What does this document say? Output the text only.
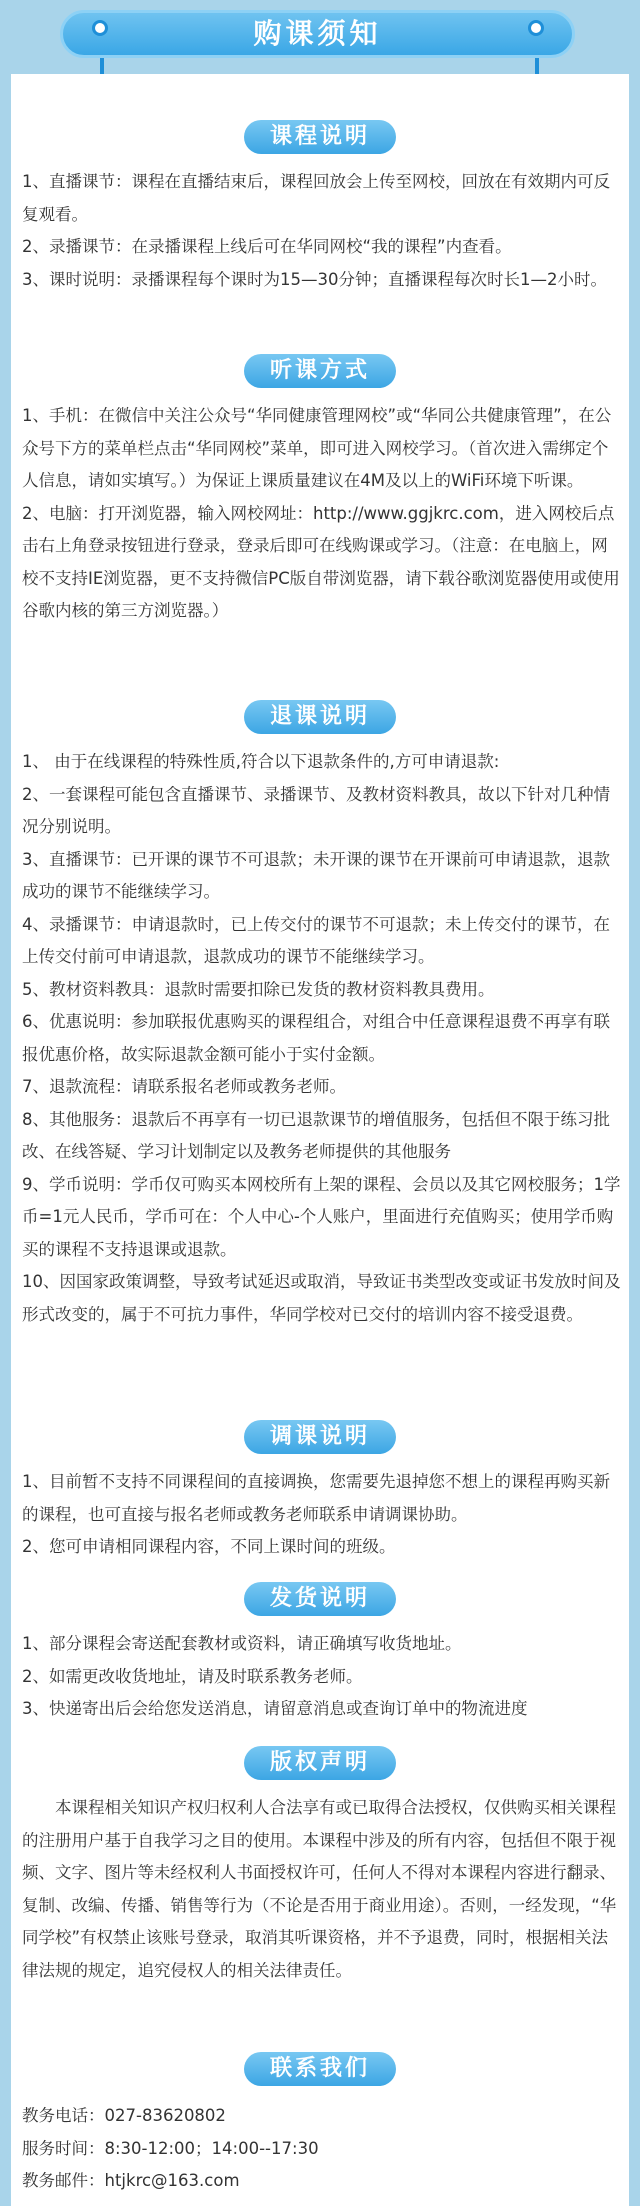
购课须知
课程说明

1、直播课节：课程在直播结束后，课程回放会上传至网校，回放在有效期内可反复观看。

2、录播课节：在录播课程上线后可在华同网校“我的课程”内查看。

3、课时说明：录播课程每个课时为15—30分钟；直播课程每次时长1—2小时。

听课方式

1、手机：在微信中关注公众号“华同健康管理网校”或“华同公共健康管理”，在公众号下方的菜单栏点击“华同网校”菜单，即可进入网校学习。（首次进入需绑定个人信息，请如实填写。）为保证上课质量建议在4M及以上的WiFi环境下听课。

2、电脑：打开浏览器，输入网校网址：http://www.ggjkrc.com，进入网校后点击右上角登录按钮进行登录，登录后即可在线购课或学习。（注意：在电脑上，网校不支持IE浏览器，更不支持微信PC版自带浏览器，请下载谷歌浏览器使用或使用谷歌内核的第三方浏览器。）

退课说明

1、 由于在线课程的特殊性质,符合以下退款条件的,方可申请退款:

2、一套课程可能包含直播课节、录播课节、及教材资料教具，故以下针对几种情况分别说明。

3、直播课节：已开课的课节不可退款；未开课的课节在开课前可申请退款，退款成功的课节不能继续学习。

4、录播课节：申请退款时，已上传交付的课节不可退款；未上传交付的课节，在上传交付前可申请退款，退款成功的课节不能继续学习。

5、教材资料教具：退款时需要扣除已发货的教材资料教具费用。

6、优惠说明：参加联报优惠购买的课程组合，对组合中任意课程退费不再享有联报优惠价格，故实际退款金额可能小于实付金额。

7、退款流程：请联系报名老师或教务老师。

8、其他服务：退款后不再享有一切已退款课节的增值服务，包括但不限于练习批改、在线答疑、学习计划制定以及教务老师提供的其他服务

9、学币说明：学币仅可购买本网校所有上架的课程、会员以及其它网校服务；1学币=1元人民币，学币可在：个人中心-个人账户，里面进行充值购买；使用学币购买的课程不支持退课或退款。

10、因国家政策调整，导致考试延迟或取消，导致证书类型改变或证书发放时间及形式改变的，属于不可抗力事件，华同学校对已交付的培训内容不接受退费。

调课说明

1、目前暂不支持不同课程间的直接调换，您需要先退掉您不想上的课程再购买新的课程，也可直接与报名老师或教务老师联系申请调课协助。

2、您可申请相同课程内容，不同上课时间的班级。

发货说明

1、部分课程会寄送配套教材或资料，请正确填写收货地址。

2、如需更改收货地址，请及时联系教务老师。

3、快递寄出后会给您发送消息，请留意消息或查询订单中的物流进度

版权声明

本课程相关知识产权归权利人合法享有或已取得合法授权，仅供购买相关课程的注册用户基于自我学习之目的使用。本课程中涉及的所有内容，包括但不限于视频、文字、图片等未经权利人书面授权许可，任何人不得对本课程内容进行翻录、复制、改编、传播、销售等行为（不论是否用于商业用途）。否则，一经发现，“华同学校”有权禁止该账号登录，取消其听课资格，并不予退费，同时，根据相关法律法规的规定，追究侵权人的相关法律责任。

联系我们

教务电话：027-83620802

服务时间：8:30-12:00；14:00--17:30

教务邮件：htjkrc@163.com
